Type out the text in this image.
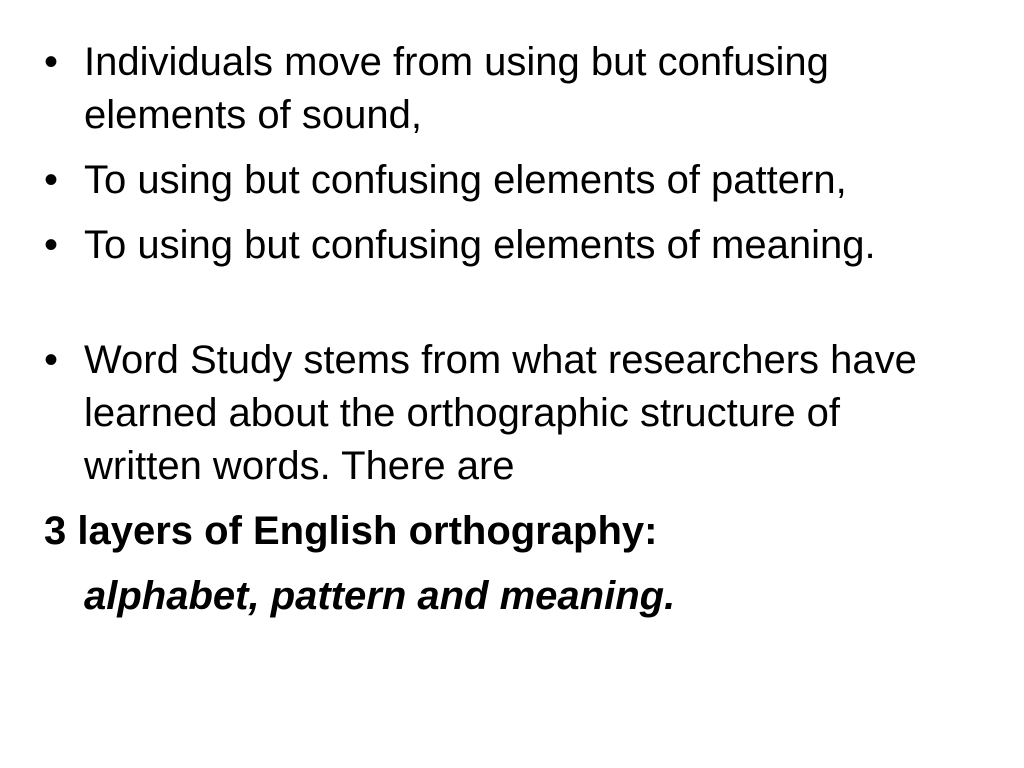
• Individuals move from using but confusing elements of sound,
• To using but confusing elements of pattern,
• To using but confusing elements of meaning.
• Word Study stems from what researchers have learned about the orthographic structure of written words. There are
3 layers of English orthography:
alphabet, pattern and meaning.
